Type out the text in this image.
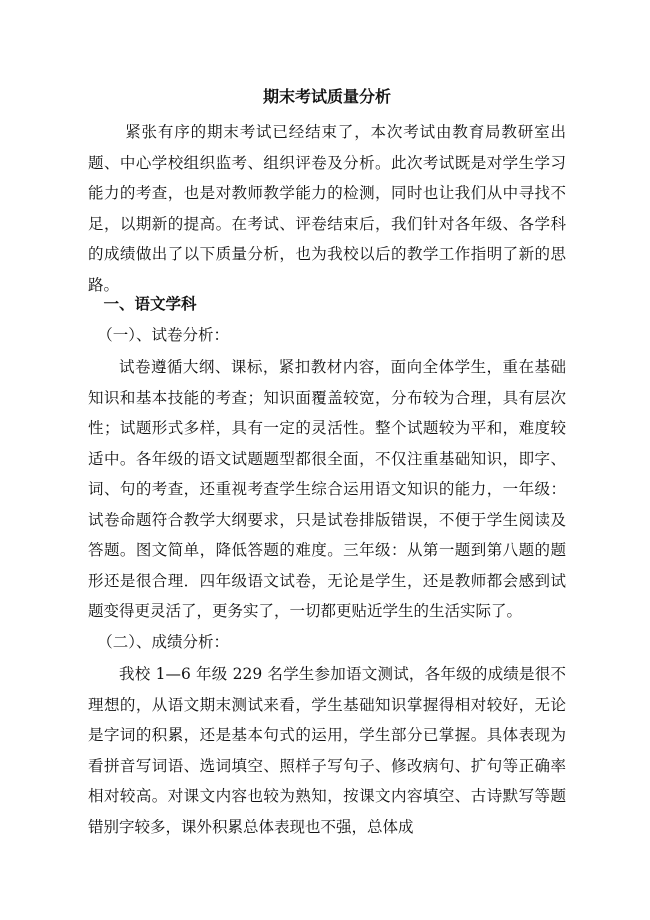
期末考试质量分析

紧张有序的期末考试已经结束了，本次考试由教育局教研室出题、中心学校组织监考、组织评卷及分析。此次考试既是对学生学习能力的考查，也是对教师教学能力的检测，同时也让我们从中寻找不足，以期新的提高。在考试、评卷结束后，我们针对各年级、各学科的成绩做出了以下质量分析，也为我校以后的教学工作指明了新的思路。

一、语文学科

（一）、试卷分析：

试卷遵循大纲、课标，紧扣教材内容，面向全体学生，重在基础知识和基本技能的考查；知识面覆盖较宽，分布较为合理，具有层次性；试题形式多样，具有一定的灵活性。整个试题较为平和，难度较适中。各年级的语文试题题型都很全面，不仅注重基础知识，即字、词、句的考查，还重视考查学生综合运用语文知识的能力，一年级：试卷命题符合教学大纲要求，只是试卷排版错误，不便于学生阅读及答题。图文简单，降低答题的难度。三年级：从第一题到第八题的题形还是很合理．四年级语文试卷，无论是学生，还是教师都会感到试题变得更灵活了，更务实了，一切都更贴近学生的生活实际了。

（二）、成绩分析：

我校 1—6 年级 229 名学生参加语文测试，各年级的成绩是很不理想的，从语文期末测试来看，学生基础知识掌握得相对较好，无论是字词的积累，还是基本句式的运用，学生部分已掌握。具体表现为看拼音写词语、选词填空、照样子写句子、修改病句、扩句等正确率相对较高。对课文内容也较为熟知，按课文内容填空、古诗默写等题错别字较多，课外积累总体表现也不强，总体成
